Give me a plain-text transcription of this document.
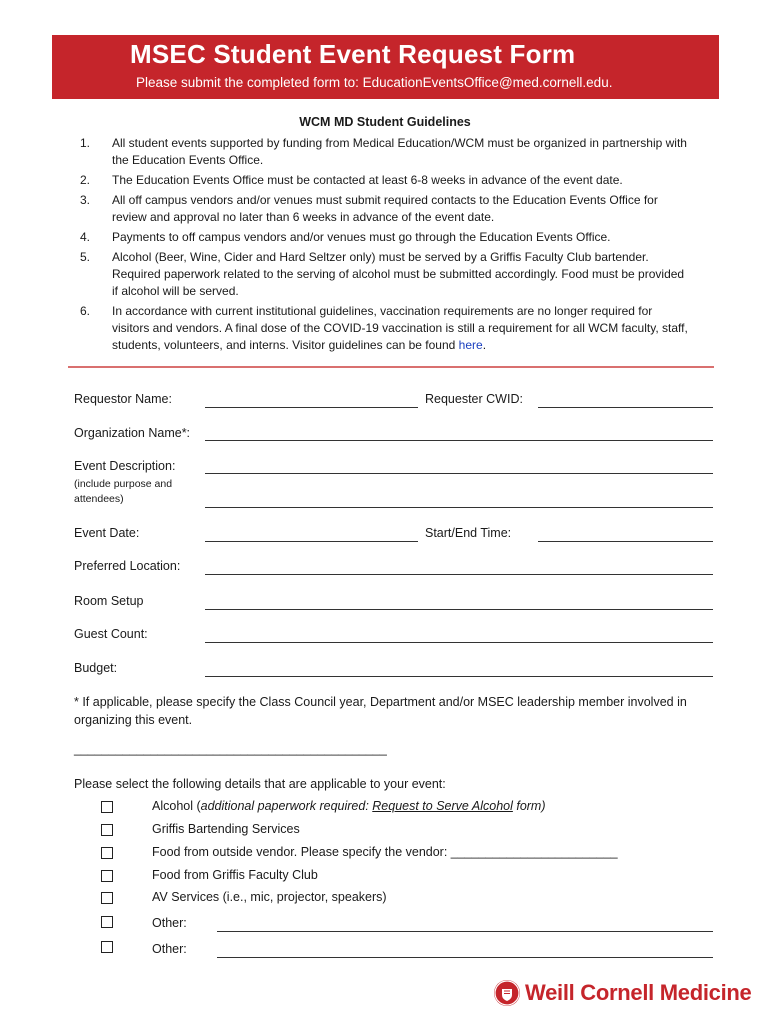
MSEC Student Event Request Form
Please submit the completed form to: EducationEventsOffice@med.cornell.edu.
WCM MD Student Guidelines
1. All student events supported by funding from Medical Education/WCM must be organized in partnership with the Education Events Office.
2. The Education Events Office must be contacted at least 6-8 weeks in advance of the event date.
3. All off campus vendors and/or venues must submit required contacts to the Education Events Office for review and approval no later than 6 weeks in advance of the event date.
4. Payments to off campus vendors and/or venues must go through the Education Events Office.
5. Alcohol (Beer, Wine, Cider and Hard Seltzer only) must be served by a Griffis Faculty Club bartender. Required paperwork related to the serving of alcohol must be submitted accordingly. Food must be provided if alcohol will be served.
6. In accordance with current institutional guidelines, vaccination requirements are no longer required for visitors and vendors. A final dose of the COVID-19 vaccination is still a requirement for all WCM faculty, staff, students, volunteers, and interns. Visitor guidelines can be found here.
Requestor Name:	Requester CWID:
Organization Name*:
Event Description:
(include purpose and attendees)
Event Date:	Start/End Time:
Preferred Location:
Room Setup
Guest Count:
Budget:
* If applicable, please specify the Class Council year, Department and/or MSEC leadership member involved in organizing this event.
_____________________________________________
Please select the following details that are applicable to your event:
Alcohol (additional paperwork required: Request to Serve Alcohol form)
Griffis Bartending Services
Food from outside vendor. Please specify the vendor: ________________________
Food from Griffis Faculty Club
AV Services (i.e., mic, projector, speakers)
Other:
Other:
Weill Cornell Medicine
